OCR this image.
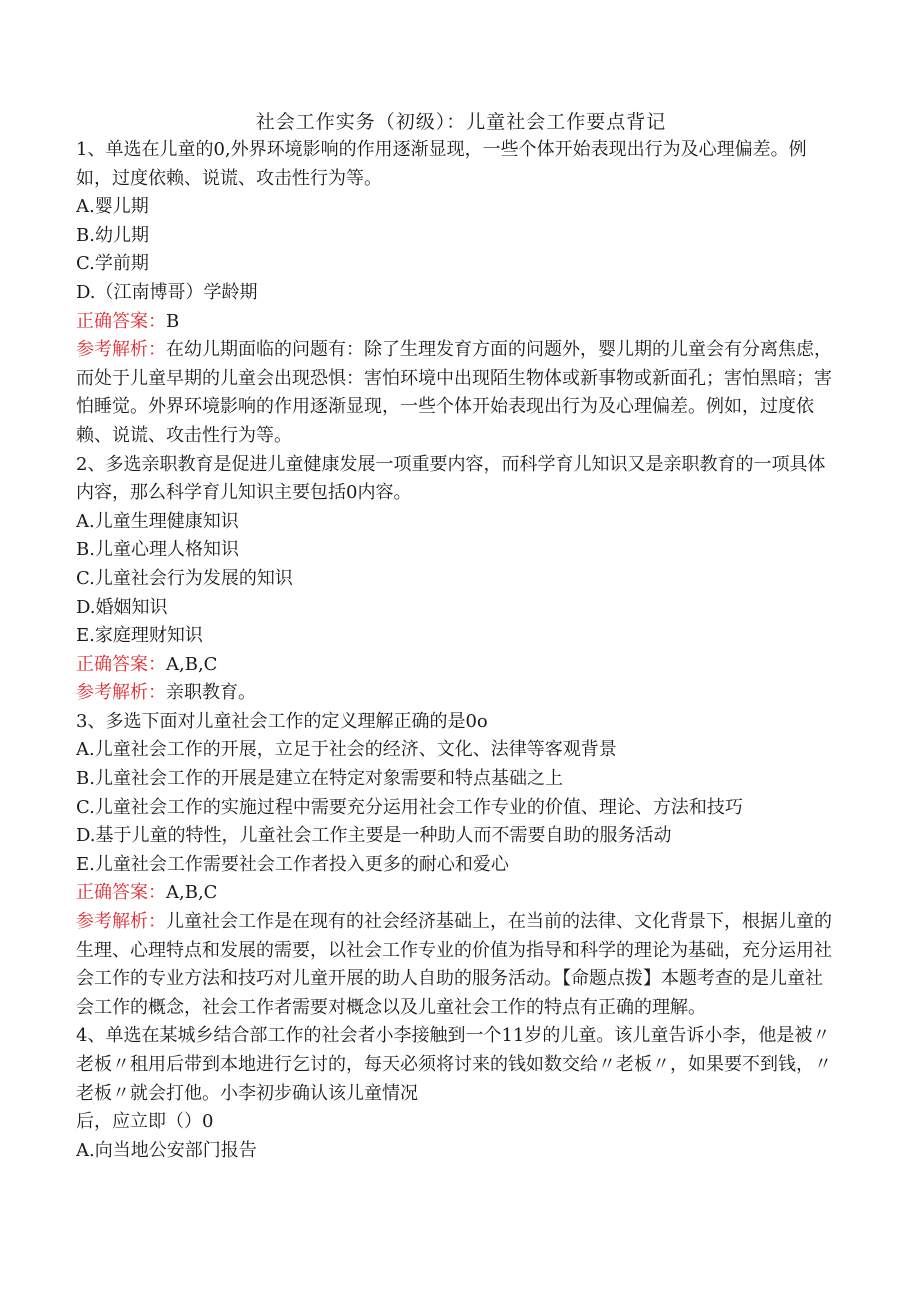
社会工作实务（初级）：儿童社会工作要点背记

1、单选在儿童的0,外界环境影响的作用逐渐显现，一些个体开始表现出行为及心理偏差。例如，过度依赖、说谎、攻击性行为等。

A.婴儿期

B.幼儿期

C.学前期

D.（江南博哥）学龄期

正确答案：B

参考解析：在幼儿期面临的问题有：除了生理发育方面的问题外，婴儿期的儿童会有分离焦虑，而处于儿童早期的儿童会出现恐惧：害怕环境中出现陌生物体或新事物或新面孔；害怕黑暗；害怕睡觉。外界环境影响的作用逐渐显现，一些个体开始表现出行为及心理偏差。例如，过度依赖、说谎、攻击性行为等。

2、多选亲职教育是促进儿童健康发展一项重要内容，而科学育儿知识又是亲职教育的一项具体内容，那么科学育儿知识主要包括0内容。

A.儿童生理健康知识

B.儿童心理人格知识

C.儿童社会行为发展的知识

D.婚姻知识

E.家庭理财知识

正确答案：A,B,C

参考解析：亲职教育。

3、多选下面对儿童社会工作的定义理解正确的是0o

A.儿童社会工作的开展，立足于社会的经济、文化、法律等客观背景

B.儿童社会工作的开展是建立在特定对象需要和特点基础之上

C.儿童社会工作的实施过程中需要充分运用社会工作专业的价值、理论、方法和技巧

D.基于儿童的特性，儿童社会工作主要是一种助人而不需要自助的服务活动

E.儿童社会工作需要社会工作者投入更多的耐心和爱心

正确答案：A,B,C

参考解析：儿童社会工作是在现有的社会经济基础上，在当前的法律、文化背景下，根据儿童的生理、心理特点和发展的需要，以社会工作专业的价值为指导和科学的理论为基础，充分运用社会工作的专业方法和技巧对儿童开展的助人自助的服务活动。【命题点拨】本题考查的是儿童社会工作的概念，社会工作者需要对概念以及儿童社会工作的特点有正确的理解。

4、单选在某城乡结合部工作的社会者小李接触到一个11岁的儿童。该儿童告诉小李，他是被〃老板〃租用后带到本地进行乞讨的，每天必须将讨来的钱如数交给〃老板〃，如果要不到钱，〃老板〃就会打他。小李初步确认该儿童情况

后，应立即（）0

A.向当地公安部门报告
